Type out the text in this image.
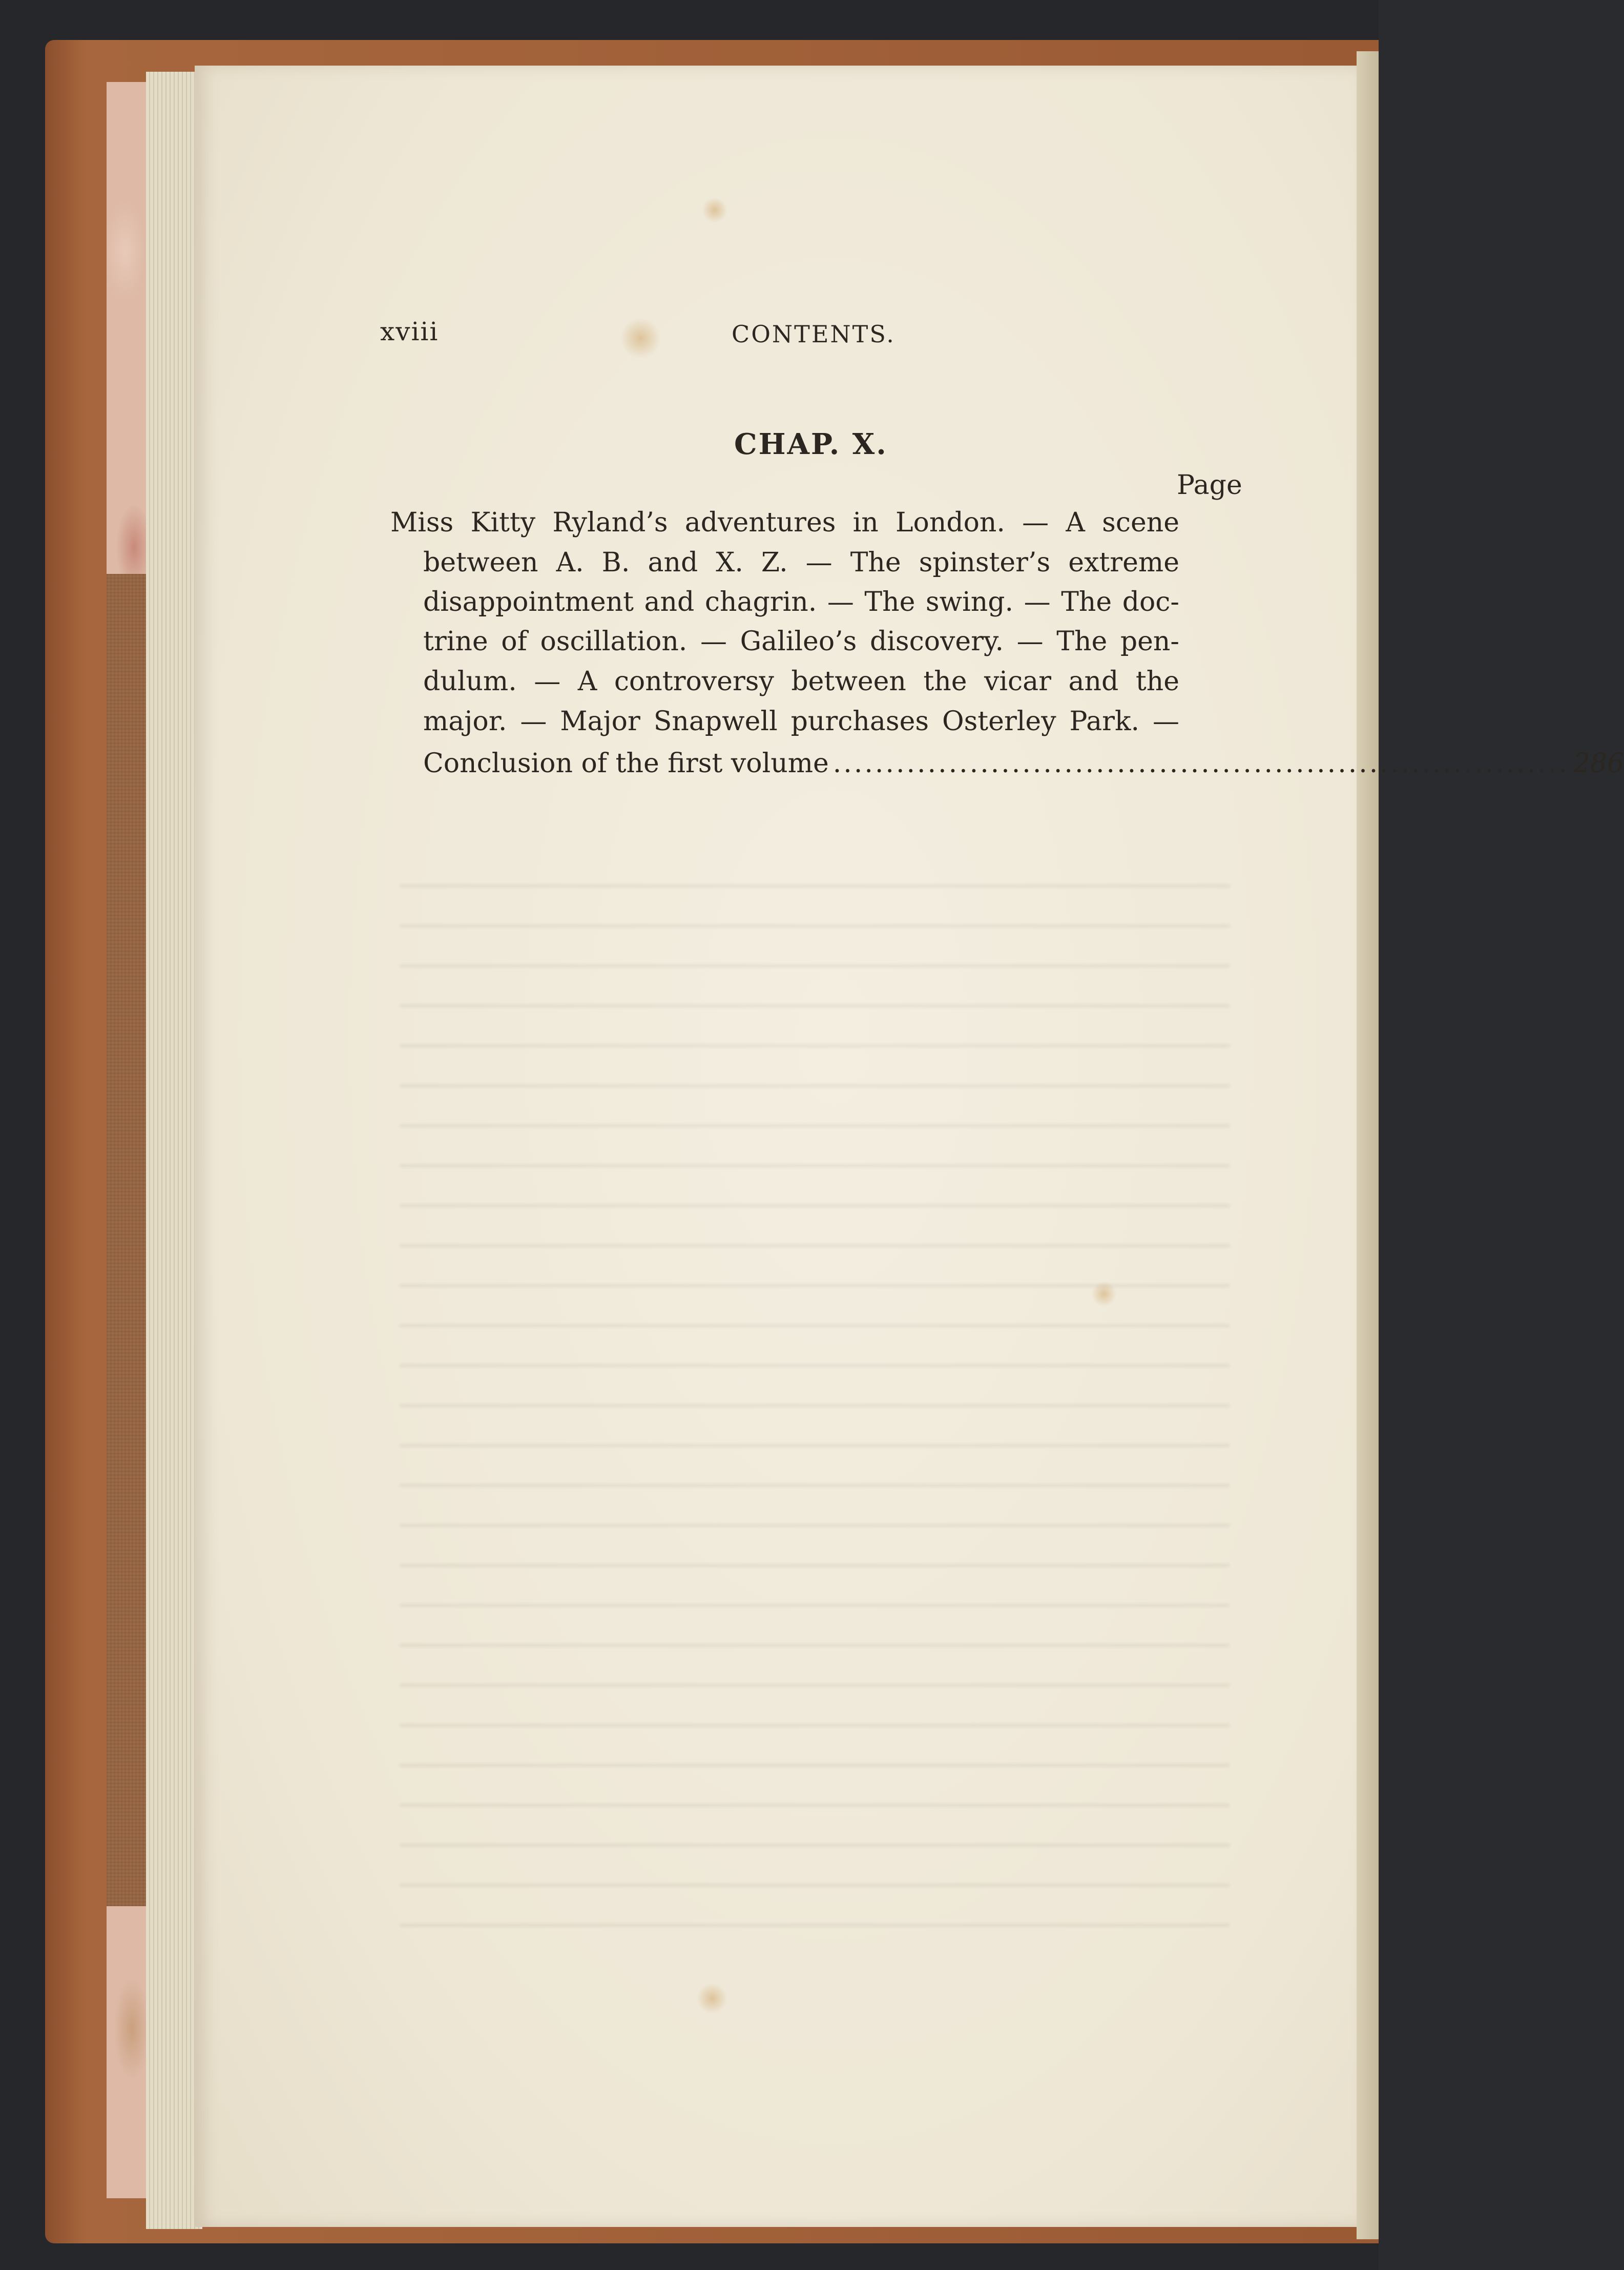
xviii	CONTENTS.
CHAP. X.
Page
Miss Kitty Ryland’s adventures in London. — A scene
between A. B. and X. Z. — The spinster’s extreme
disappointment and chagrin. — The swing. — The doc-
trine of oscillation. — Galileo’s discovery. — The pen-
dulum. — A controversy between the vicar and the
major. — Major Snapwell purchases Osterley Park. —
Conclusion of the first volume ...................................................................... 286
